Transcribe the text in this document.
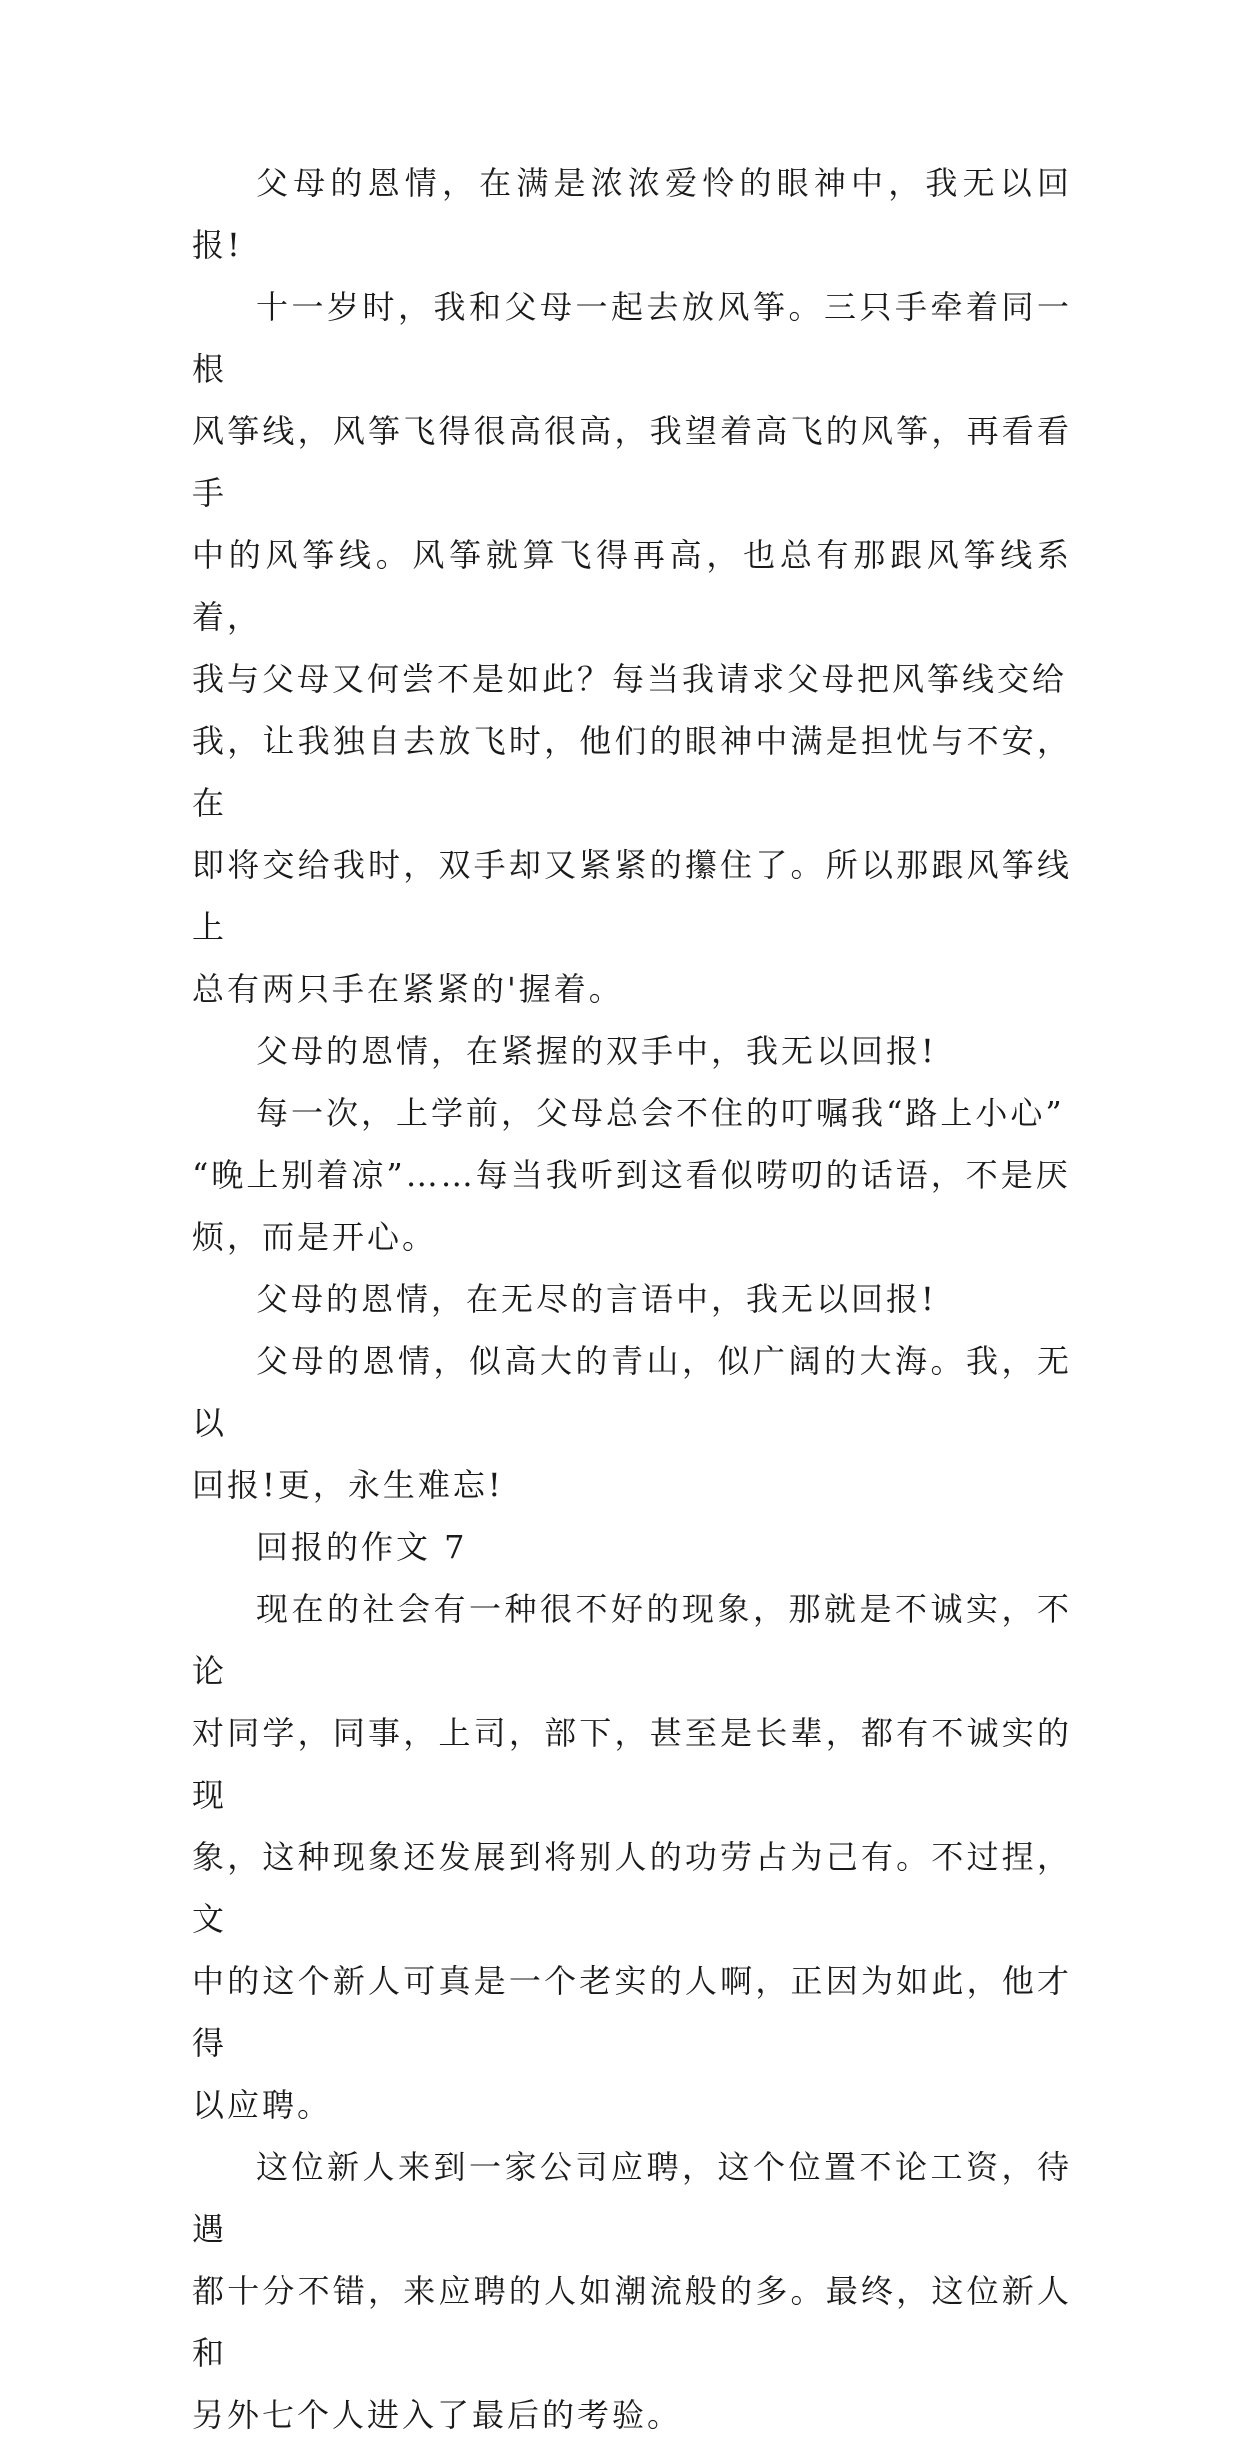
父母的恩情，在满是浓浓爱怜的眼神中，我无以回报!

十一岁时，我和父母一起去放风筝。三只手牵着同一根
风筝线，风筝飞得很高很高，我望着高飞的风筝，再看看手
中的风筝线。风筝就算飞得再高，也总有那跟风筝线系着，
我与父母又何尝不是如此？每当我请求父母把风筝线交给
我，让我独自去放飞时，他们的眼神中满是担忧与不安，在
即将交给我时，双手却又紧紧的攥住了。所以那跟风筝线上
总有两只手在紧紧的'握着。

父母的恩情，在紧握的双手中，我无以回报!

每一次，上学前，父母总会不住的叮嘱我“路上小心”
“晚上别着凉”……每当我听到这看似唠叨的话语，不是厌
烦，而是开心。

父母的恩情，在无尽的言语中，我无以回报!

父母的恩情，似高大的青山，似广阔的大海。我，无以
回报!更，永生难忘!

回报的作文 7

现在的社会有一种很不好的现象，那就是不诚实，不论
对同学，同事，上司，部下，甚至是长辈，都有不诚实的现
象，这种现象还发展到将别人的功劳占为己有。不过捏，文
中的这个新人可真是一个老实的人啊，正因为如此，他才得
以应聘。

这位新人来到一家公司应聘，这个位置不论工资，待遇
都十分不错，来应聘的人如潮流般的多。最终，这位新人和
另外七个人进入了最后的考验。
